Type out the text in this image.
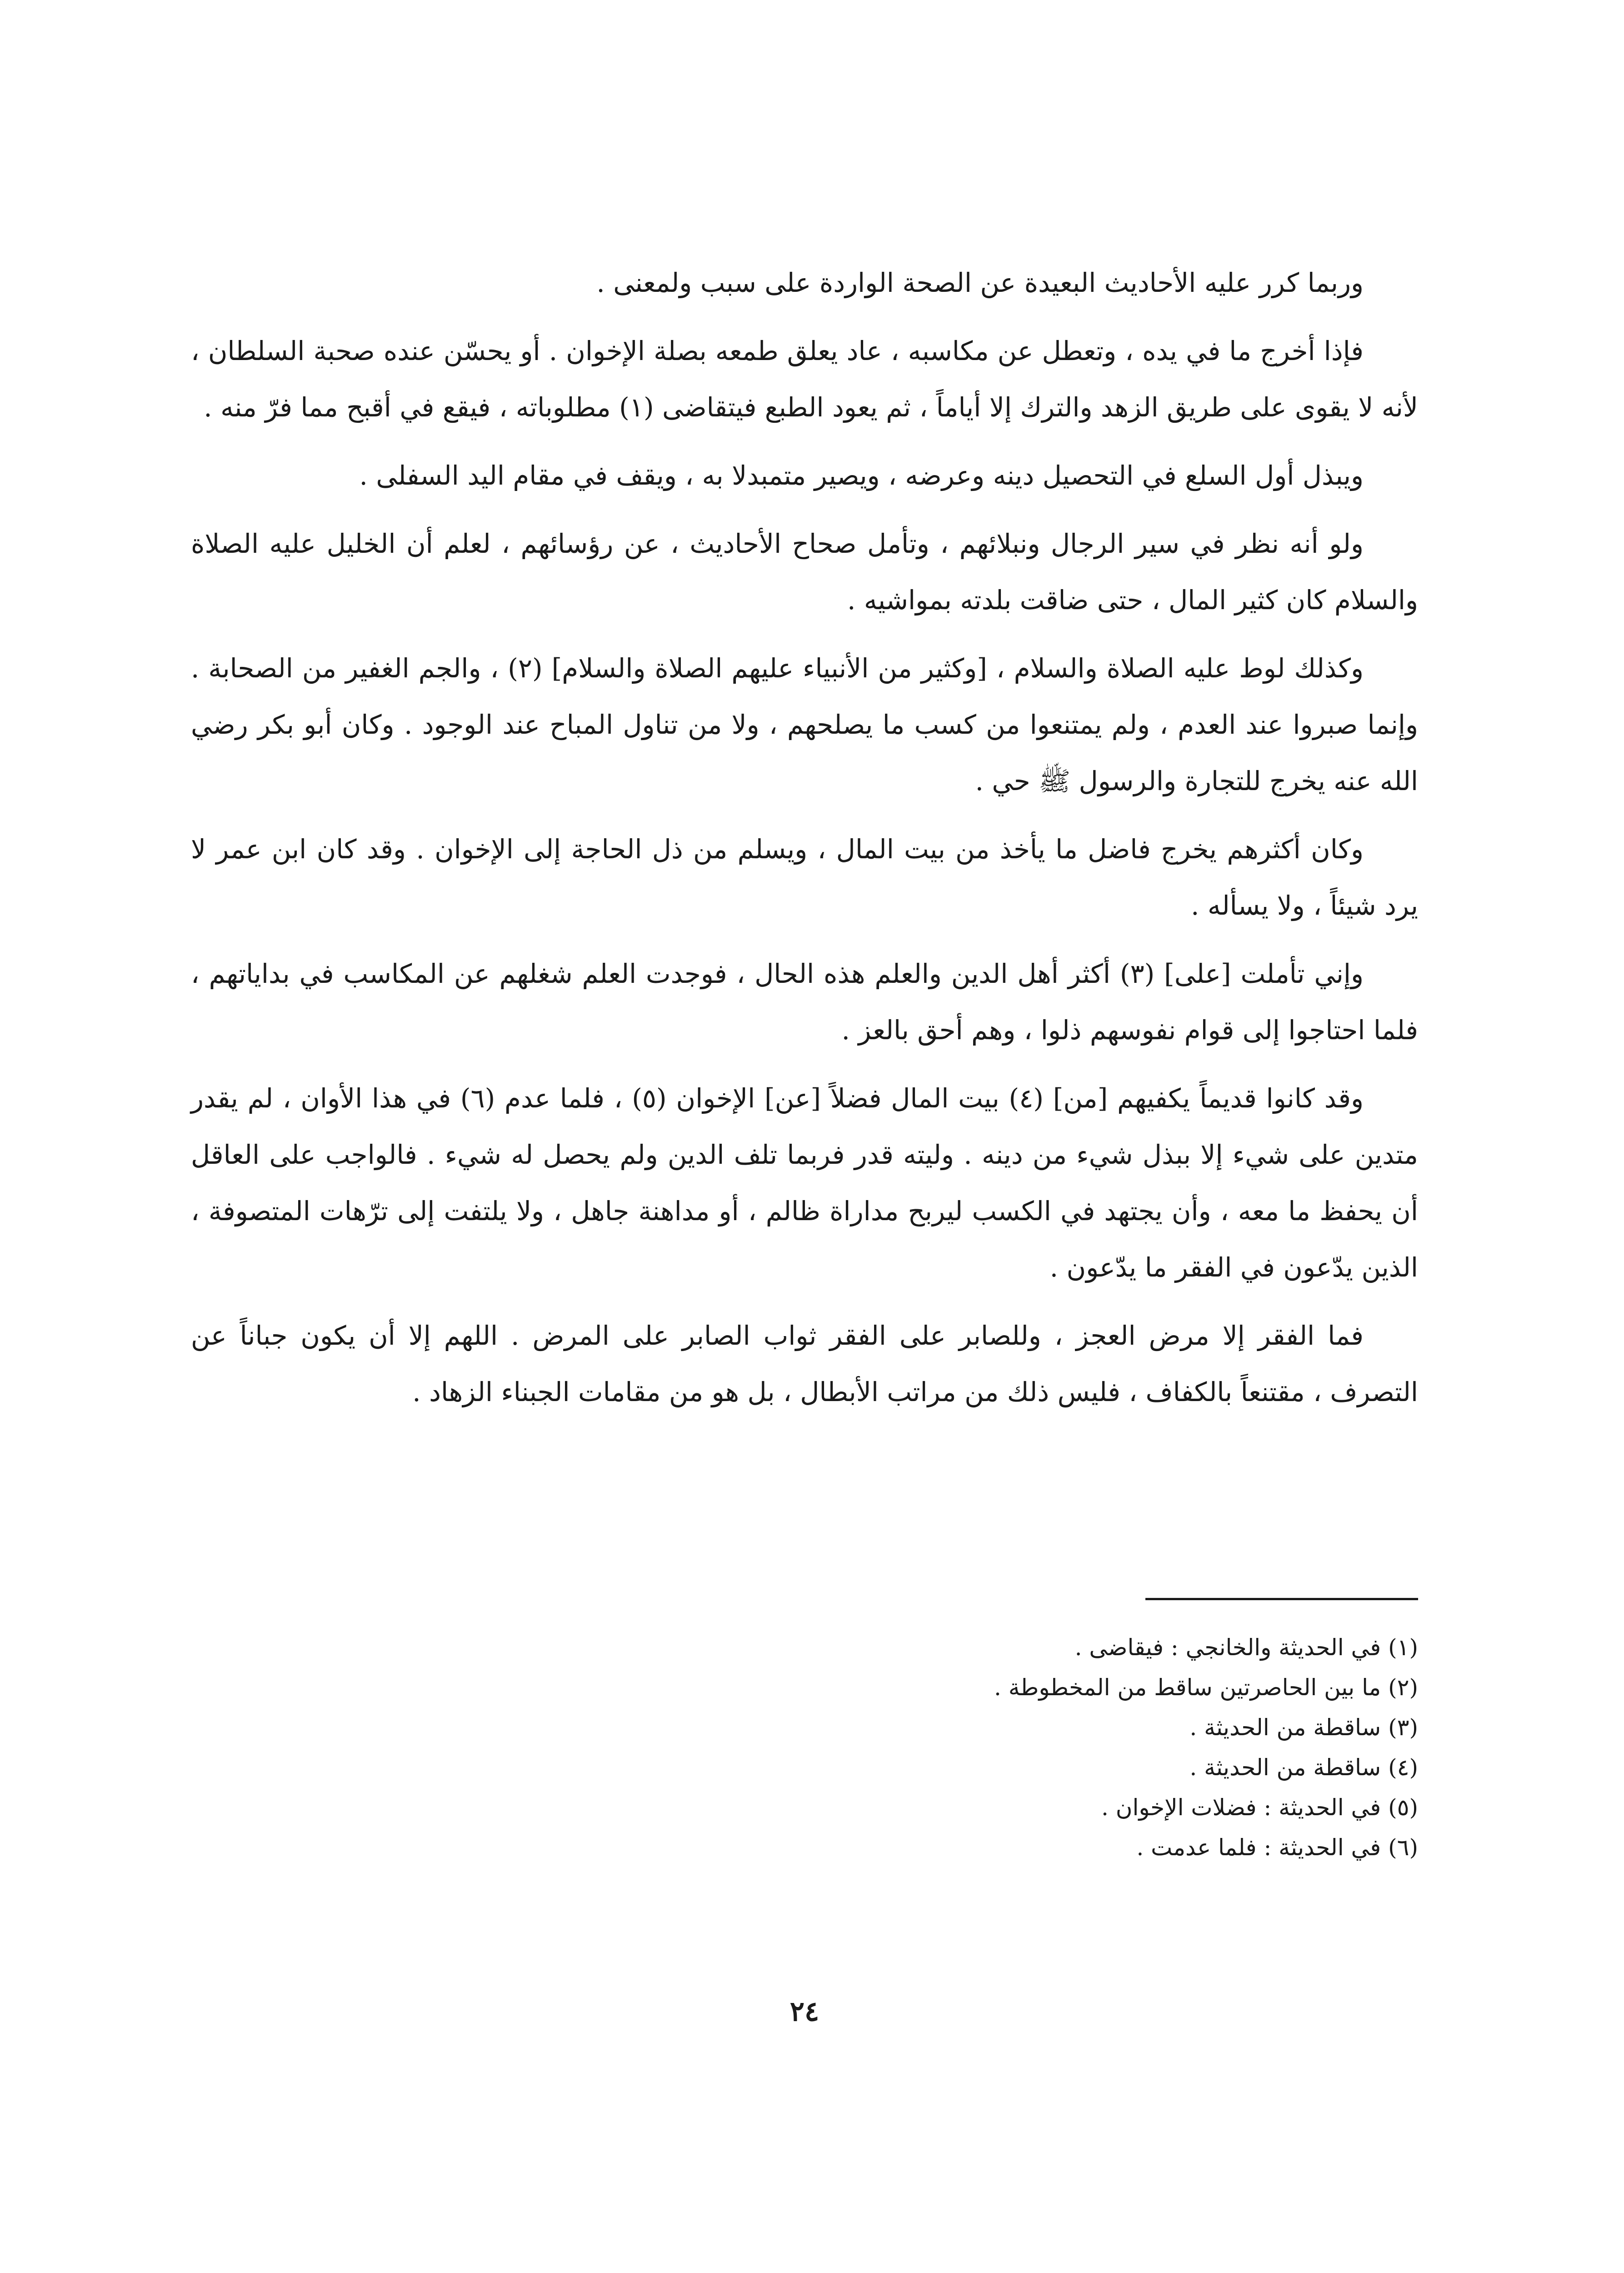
وربما كرر عليه الأحاديث البعيدة عن الصحة الواردة على سبب ولمعنى .

فإذا أخرج ما في يده ، وتعطل عن مكاسبه ، عاد يعلق طمعه بصلة الإخوان . أو يحسّن عنده صحبة السلطان ، لأنه لا يقوى على طريق الزهد والترك إلا أياماً ، ثم يعود الطبع فيتقاضى (١) مطلوباته ، فيقع في أقبح مما فرّ منه .

ويبذل أول السلع في التحصيل دينه وعرضه ، ويصير متمبدلا به ، ويقف في مقام اليد السفلى .

ولو أنه نظر في سير الرجال ونبلائهم ، وتأمل صحاح الأحاديث ، عن رؤسائهم ، لعلم أن الخليل عليه الصلاة والسلام كان كثير المال ، حتى ضاقت بلدته بمواشيه .

وكذلك لوط عليه الصلاة والسلام ، [وكثير من الأنبياء عليهم الصلاة والسلام] (٢) ، والجم الغفير من الصحابة . وإنما صبروا عند العدم ، ولم يمتنعوا من كسب ما يصلحهم ، ولا من تناول المباح عند الوجود . وكان أبو بكر رضي الله عنه يخرج للتجارة والرسول ﷺ حي .

وكان أكثرهم يخرج فاضل ما يأخذ من بيت المال ، ويسلم من ذل الحاجة إلى الإخوان . وقد كان ابن عمر لا يرد شيئاً ، ولا يسأله .

وإني تأملت [على] (٣) أكثر أهل الدين والعلم هذه الحال ، فوجدت العلم شغلهم عن المكاسب في بداياتهم ، فلما احتاجوا إلى قوام نفوسهم ذلوا ، وهم أحق بالعز .

وقد كانوا قديماً يكفيهم [من] (٤) بيت المال فضلاً [عن] الإخوان (٥) ، فلما عدم (٦) في هذا الأوان ، لم يقدر متدين على شيء إلا ببذل شيء من دينه . وليته قدر فربما تلف الدين ولم يحصل له شيء . فالواجب على العاقل أن يحفظ ما معه ، وأن يجتهد في الكسب ليربح مداراة ظالم ، أو مداهنة جاهل ، ولا يلتفت إلى ترّهات المتصوفة ، الذين يدّعون في الفقر ما يدّعون .

فما الفقر إلا مرض العجز ، وللصابر على الفقر ثواب الصابر على المرض . اللهم إلا أن يكون جباناً عن التصرف ، مقتنعاً بالكفاف ، فليس ذلك من مراتب الأبطال ، بل هو من مقامات الجبناء الزهاد .

(١)في الحديثة والخانجي : فيقاضى .

(٢)ما بين الحاصرتين ساقط من المخطوطة .

(٣)ساقطة من الحديثة .

(٤)ساقطة من الحديثة .

(٥)في الحديثة : فضلات الإخوان .

(٦)في الحديثة : فلما عدمت .

٢٤
